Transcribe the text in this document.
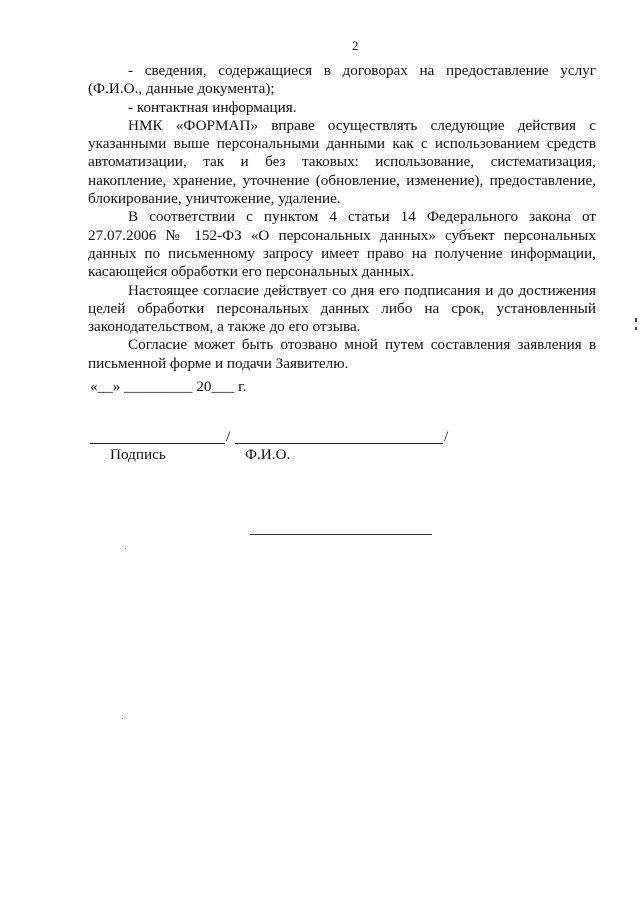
2

- сведения, содержащиеся в договорах на предоставление услуг (Ф.И.О., данные документа);

- контактная информация.

НМК «ФОРМАП» вправе осуществлять следующие действия с указанными выше персональными данными как с использованием средств автоматизации, так и без таковых: использование, систематизация, накопление, хранение, уточнение (обновление, изменение), предоставление, блокирование, уничтожение, удаление.

В соответствии с пунктом 4 статьи 14 Федерального закона от 27.07.2006 № 152-ФЗ «О персональных данных» субъект персональных данных по письменному запросу имеет право на получение информации, касающейся обработки его персональных данных.

Настоящее согласие действует со дня его подписания и до достижения целей обработки персональных данных либо на срок, установленный законодательством, а также до его отзыва.

Согласие может быть отозвано мной путем составления заявления в письменной форме и подачи Заявителю.

«__» _________ 20___ г.
/	/
Подпись	Ф.И.О.
